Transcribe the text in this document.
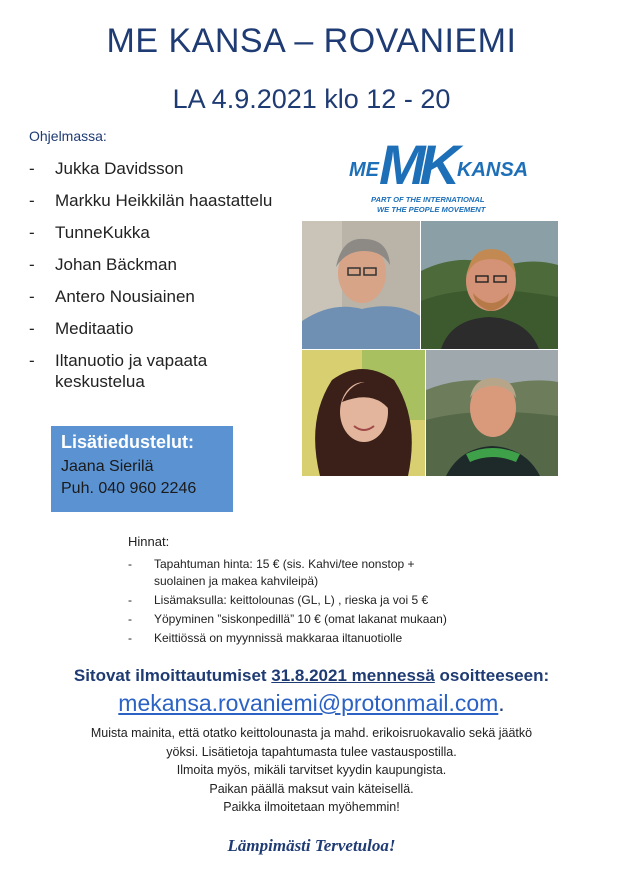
ME KANSA – ROVANIEMI
LA 4.9.2021 klo 12 - 20
Ohjelmassa:
-	Jukka Davidsson
-	Markku Heikkilän haastattelu
-	TunneKukka
-	Johan Bäckman
-	Antero Nousiainen
-	Meditaatio
-	Iltanuotio ja vapaata keskustelua
Lisätiedustelut:
Jaana Sierilä
Puh. 040 960 2246
ME MK KANSA
PART OF THE INTERNATIONAL
WE THE PEOPLE MOVEMENT
Hinnat:
-	Tapahtuman hinta: 15 € (sis. Kahvi/tee nonstop + suolainen ja makea kahvileipä)
-	Lisämaksulla: keittolounas (GL, L) , rieska ja voi 5 €
-	Yöpyminen ”siskonpedillä” 10 € (omat lakanat mukaan)
-	Keittiössä on myynnissä makkaraa iltanuotiolle
Sitovat ilmoittautumiset 31.8.2021 mennessä osoitteeseen:
mekansa.rovaniemi@protonmail.com.
Muista mainita, että otatko keittolounasta ja mahd. erikoisruokavalio sekä jäätkö
yöksi. Lisätietoja tapahtumasta tulee vastauspostilla.
Ilmoita myös, mikäli tarvitset kyydin kaupungista.
Paikan päällä maksut vain käteisellä.
Paikka ilmoitetaan myöhemmin!
Lämpimästi Tervetuloa!
